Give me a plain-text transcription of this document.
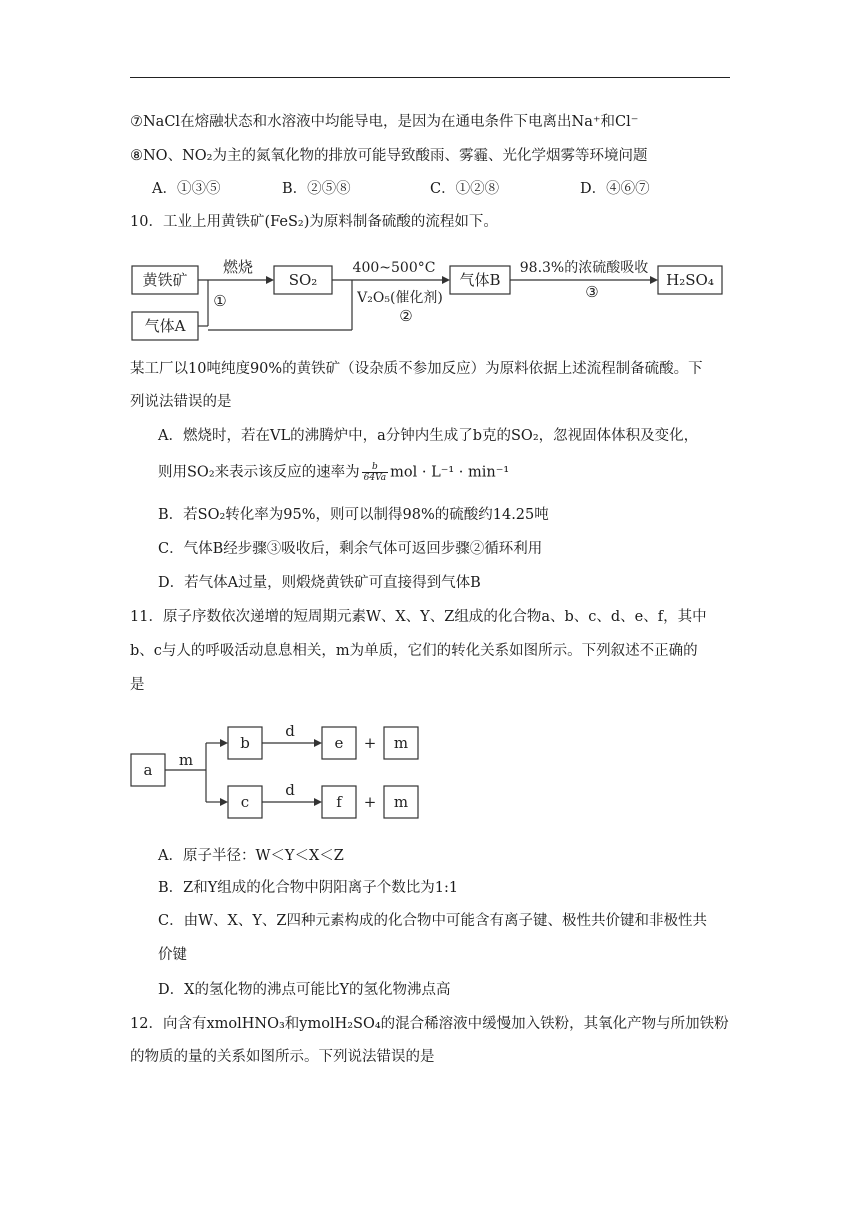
⑦NaCl在熔融状态和水溶液中均能导电，是因为在通电条件下电离出Na⁺和Cl⁻
⑧NO、NO₂为主的氮氧化物的排放可能导致酸雨、雾霾、光化学烟雾等环境问题
A．①③⑤	B．②⑤⑧	C．①②⑧	D．④⑥⑦
10．工业上用黄铁矿(FeS₂)为原料制备硫酸的流程如下。
黄铁矿
气体A
燃烧
①
SO₂
400~500°C
V₂O₅(催化剂)
②
气体B
98.3%的浓硫酸吸收
③
H₂SO₄
某工厂以10吨纯度90%的黄铁矿（设杂质不参加反应）为原料依据上述流程制备硫酸。下
列说法错误的是
A．燃烧时，若在VL的沸腾炉中，a分钟内生成了b克的SO₂，忽视固体体积及变化，
则用SO₂来表示该反应的速率为 $\frac{b}{64Va}$ mol · L⁻¹ · min⁻¹
B．若SO₂转化率为95%，则可以制得98%的硫酸约14.25吨
C．气体B经步骤③吸收后，剩余气体可返回步骤②循环利用
D．若气体A过量，则煅烧黄铁矿可直接得到气体B
11．原子序数依次递增的短周期元素W、X、Y、Z组成的化合物a、b、c、d、e、f，其中
b、c与人的呼吸活动息息相关，m为单质，它们的转化关系如图所示。下列叙述不正确的
是
a
m
b
c
d
d
e
f
+
+
m
m
A．原子半径：W＜Y＜X＜Z
B．Z和Y组成的化合物中阴阳离子个数比为1:1
C．由W、X、Y、Z四种元素构成的化合物中可能含有离子键、极性共价键和非极性共
价键
D．X的氢化物的沸点可能比Y的氢化物沸点高
12．向含有xmolHNO₃和ymolH₂SO₄的混合稀溶液中缓慢加入铁粉，其氧化产物与所加铁粉
的物质的量的关系如图所示。下列说法错误的是
